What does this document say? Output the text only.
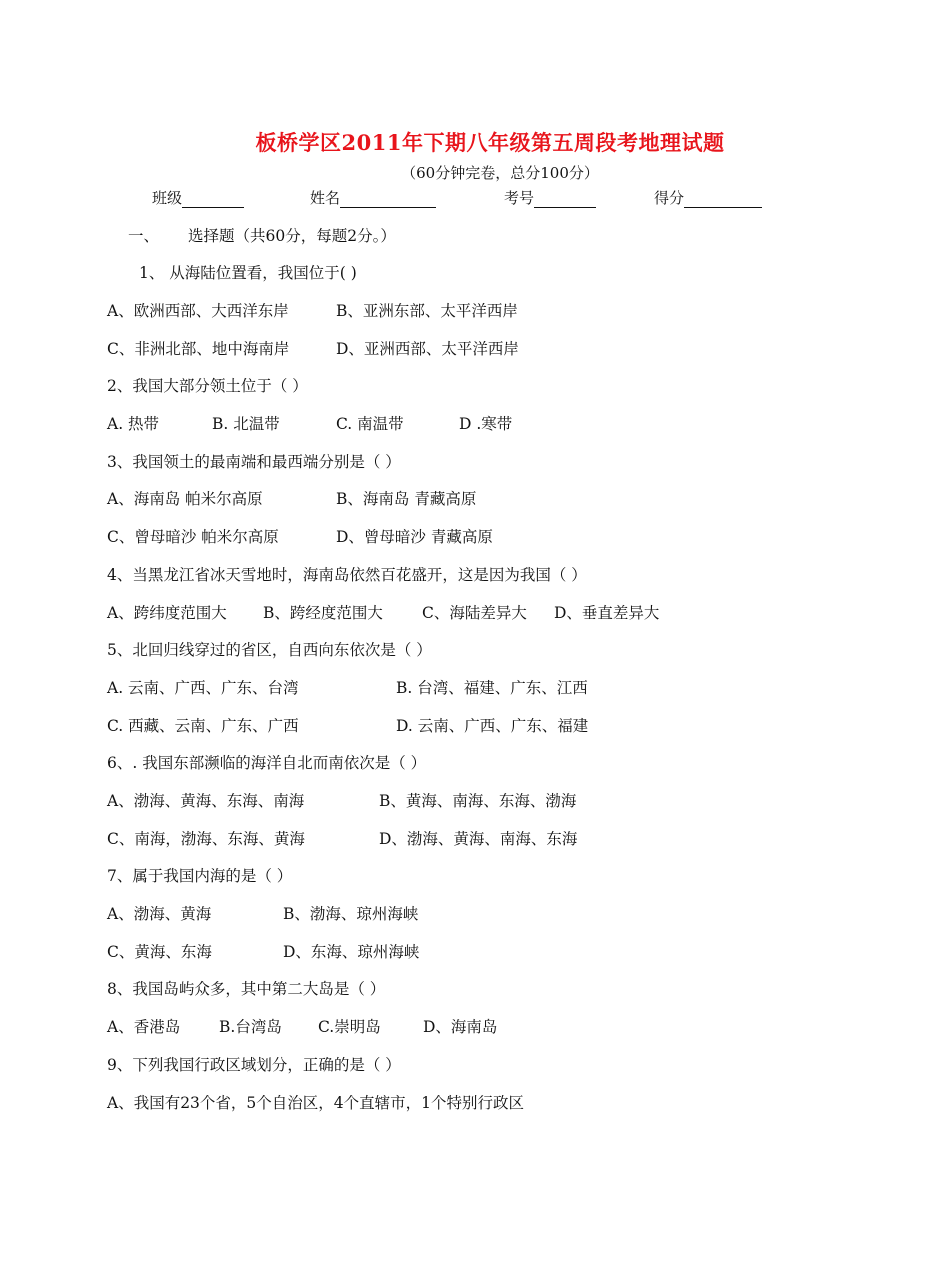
板桥学区2011年下期八年级第五周段考地理试题
（60分钟完卷，总分100分）
班级	姓名	考号	得分
一、 选择题（共60分，每题2分。）
1、 从海陆位置看，我国位于( )
A、欧洲西部、大西洋东岸	B、亚洲东部、太平洋西岸
C、非洲北部、地中海南岸	D、亚洲西部、太平洋西岸
2、我国大部分领土位于（ ）
A. 热带	B. 北温带	C. 南温带	D .寒带
3、我国领土的最南端和最西端分别是（ ）
A、海南岛 帕米尔高原	B、海南岛 青藏高原
C、曾母暗沙 帕米尔高原	D、曾母暗沙 青藏高原
4、当黑龙江省冰天雪地时，海南岛依然百花盛开，这是因为我国（ ）
A、跨纬度范围大 B、跨经度范围大	C、海陆差异大 D、垂直差异大
5、北回归线穿过的省区，自西向东依次是（ ）
A. 云南、广西、广东、台湾	B. 台湾、福建、广东、江西
C. 西藏、云南、广东、广西	D. 云南、广西、广东、福建
6、. 我国东部濒临的海洋自北而南依次是（ ）
A、渤海、黄海、东海、南海	B、黄海、南海、东海、渤海
C、南海，渤海、东海、黄海	D、渤海、黄海、南海、东海
7、属于我国内海的是（ ）
A、渤海、黄海	B、渤海、琼州海峡
C、黄海、东海	D、东海、琼州海峡
8、我国岛屿众多，其中第二大岛是（ ）
A、香港岛	B.台湾岛 C.崇明岛	D、海南岛
9、下列我国行政区域划分，正确的是（ ）
A、我国有23个省，5个自治区，4个直辖市，1个特别行政区
